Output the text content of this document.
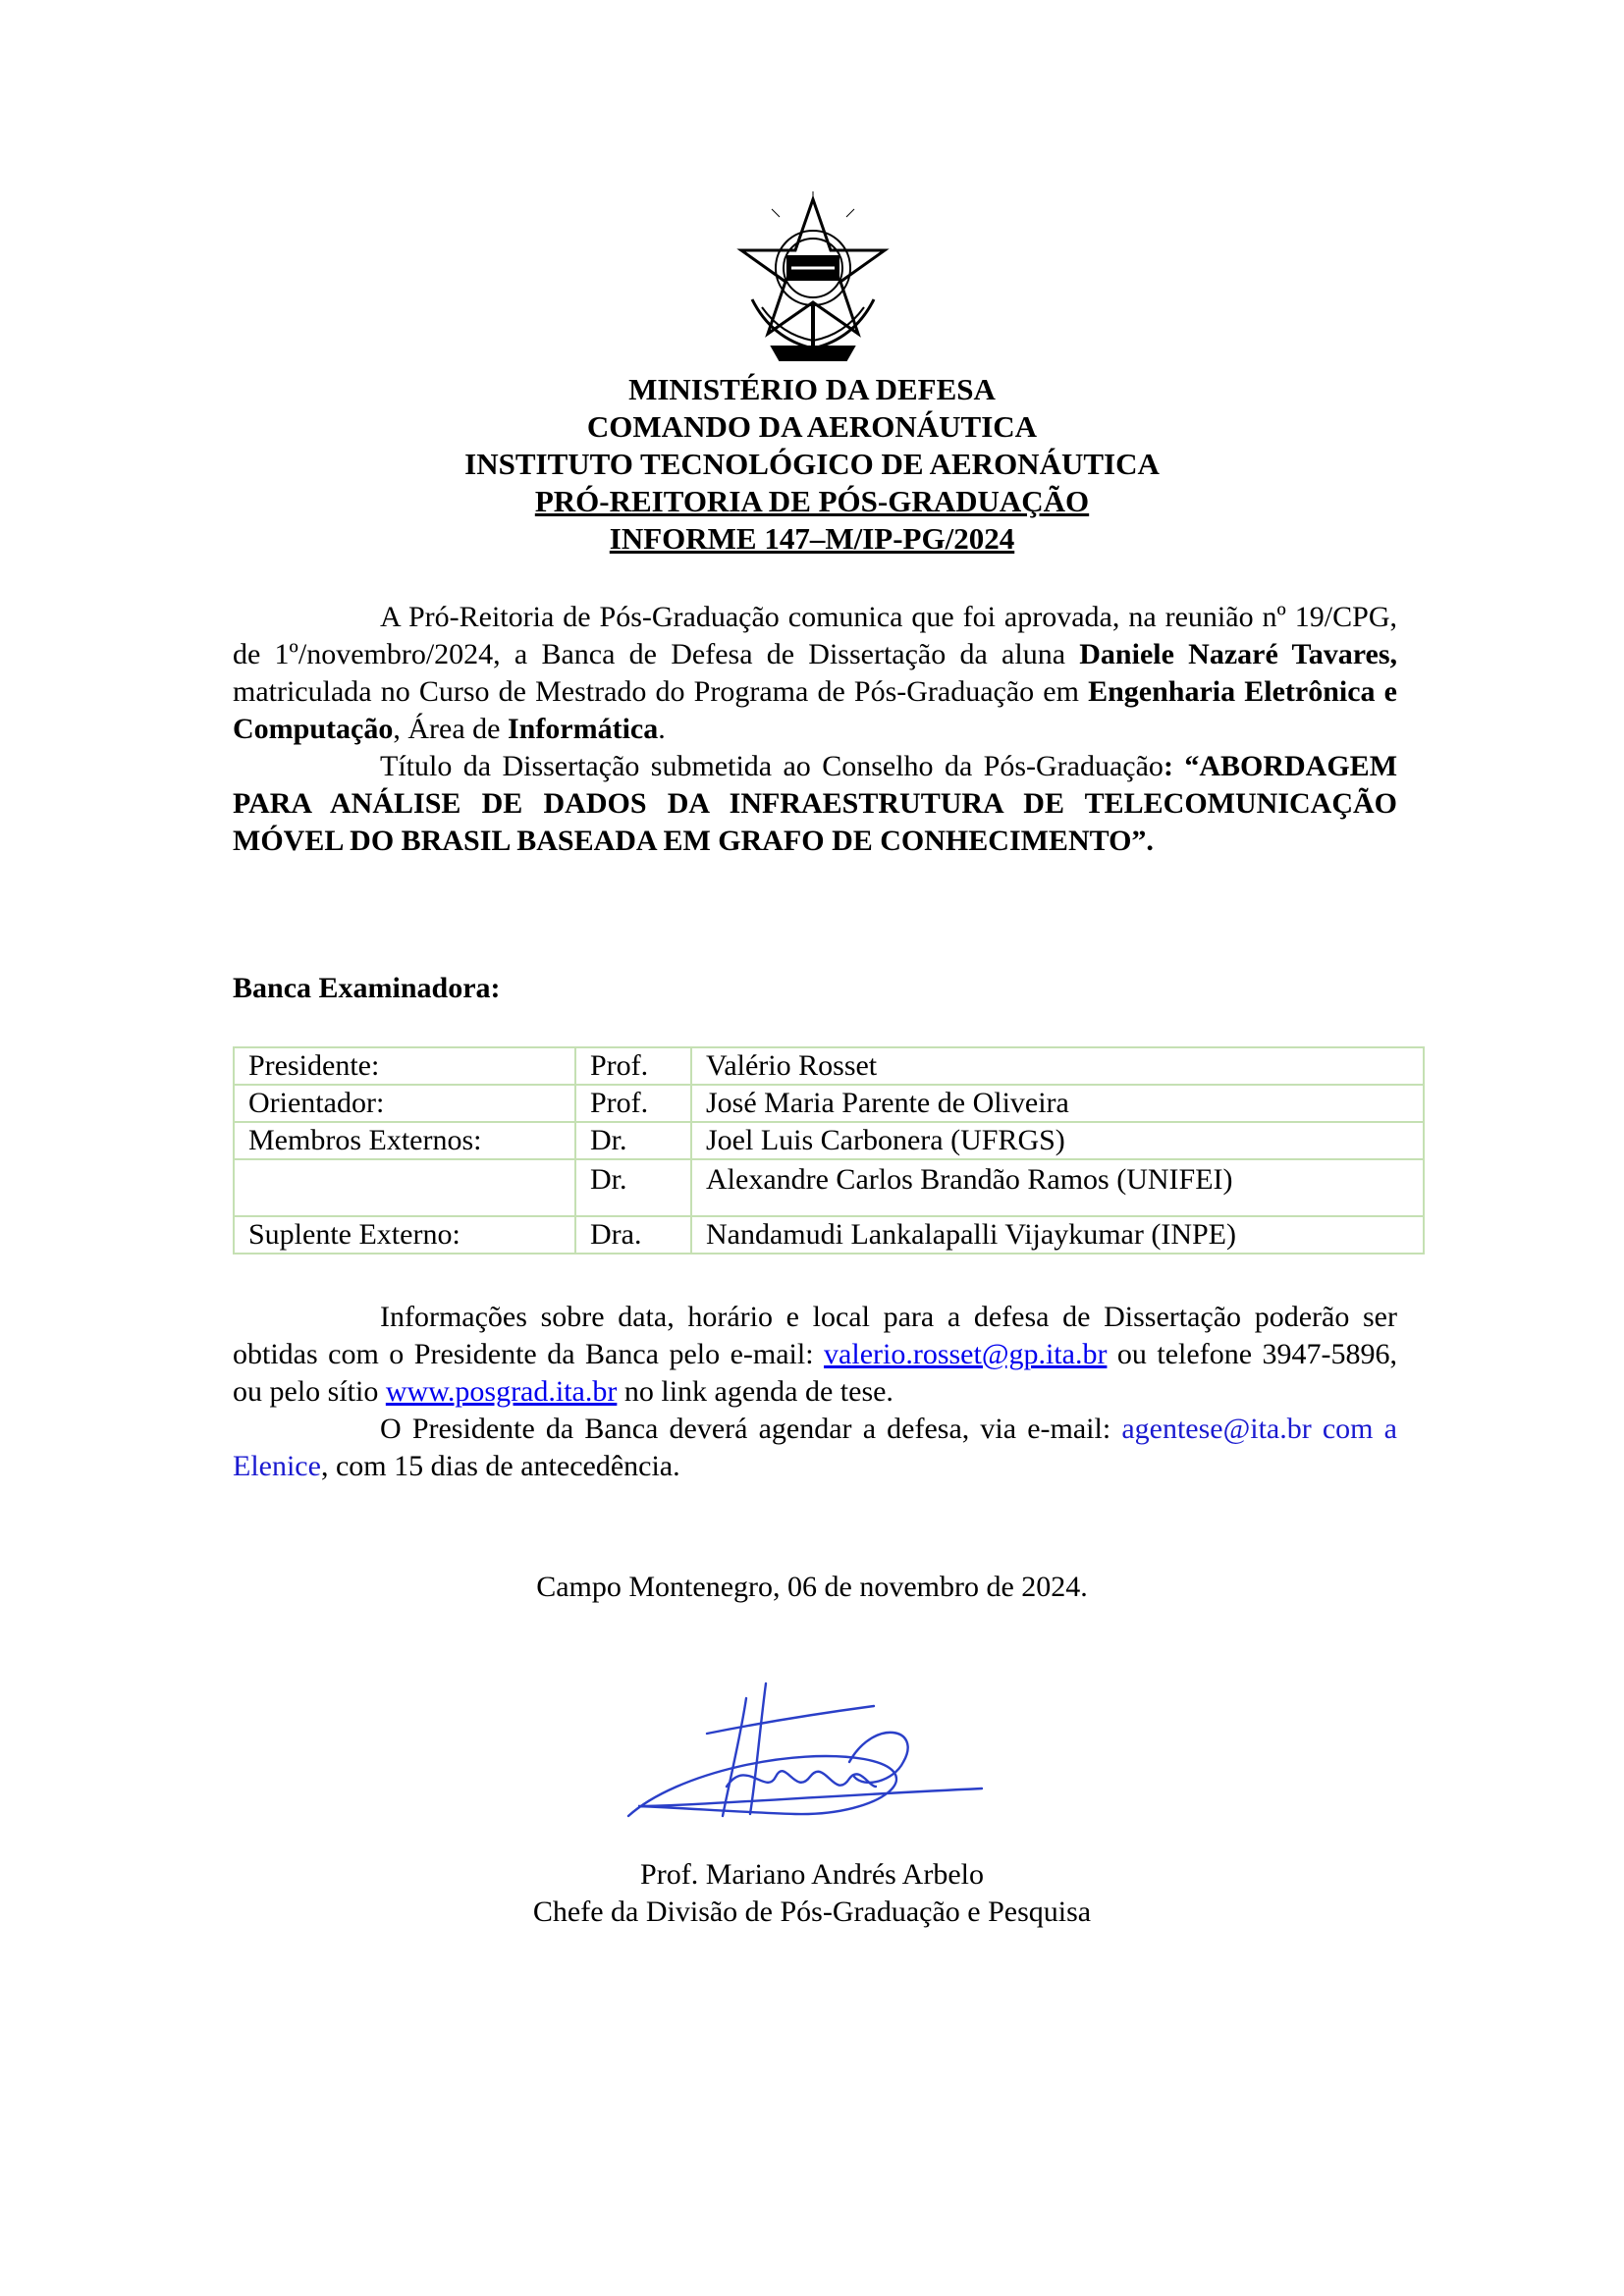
MINISTÉRIO DA DEFESA
COMANDO DA AERONÁUTICA
INSTITUTO TECNOLÓGICO DE AERONÁUTICA
PRÓ-REITORIA DE PÓS-GRADUAÇÃO
INFORME 147–M/IP-PG/2024
A Pró-Reitoria de Pós-Graduação comunica que foi aprovada, na reunião nº 19/CPG, de 1º/novembro/2024, a Banca de Defesa de Dissertação da aluna Daniele Nazaré Tavares, matriculada no Curso de Mestrado do Programa de Pós-Graduação em Engenharia Eletrônica e Computação, Área de Informática.
Título da Dissertação submetida ao Conselho da Pós-Graduação: “ABORDAGEM PARA ANÁLISE DE DADOS DA INFRAESTRUTURA DE TELECOMUNICAÇÃO MÓVEL DO BRASIL BASEADA EM GRAFO DE CONHECIMENTO”.
Banca Examinadora:
Presidente:	Prof.	Valério Rosset
Orientador:	Prof.	José Maria Parente de Oliveira
Membros Externos:	Dr.	Joel Luis Carbonera (UFRGS)
	Dr.	Alexandre Carlos Brandão Ramos (UNIFEI)
Suplente Externo:	Dra.	Nandamudi Lankalapalli Vijaykumar (INPE)
Informações sobre data, horário e local para a defesa de Dissertação poderão ser obtidas com o Presidente da Banca pelo e-mail: valerio.rosset@gp.ita.br ou telefone 3947-5896, ou pelo sítio www.posgrad.ita.br no link agenda de tese.
O Presidente da Banca deverá agendar a defesa, via e-mail: agentese@ita.br com a Elenice, com 15 dias de antecedência.
Campo Montenegro, 06 de novembro de 2024.
Prof. Mariano Andrés Arbelo
Chefe da Divisão de Pós-Graduação e Pesquisa
